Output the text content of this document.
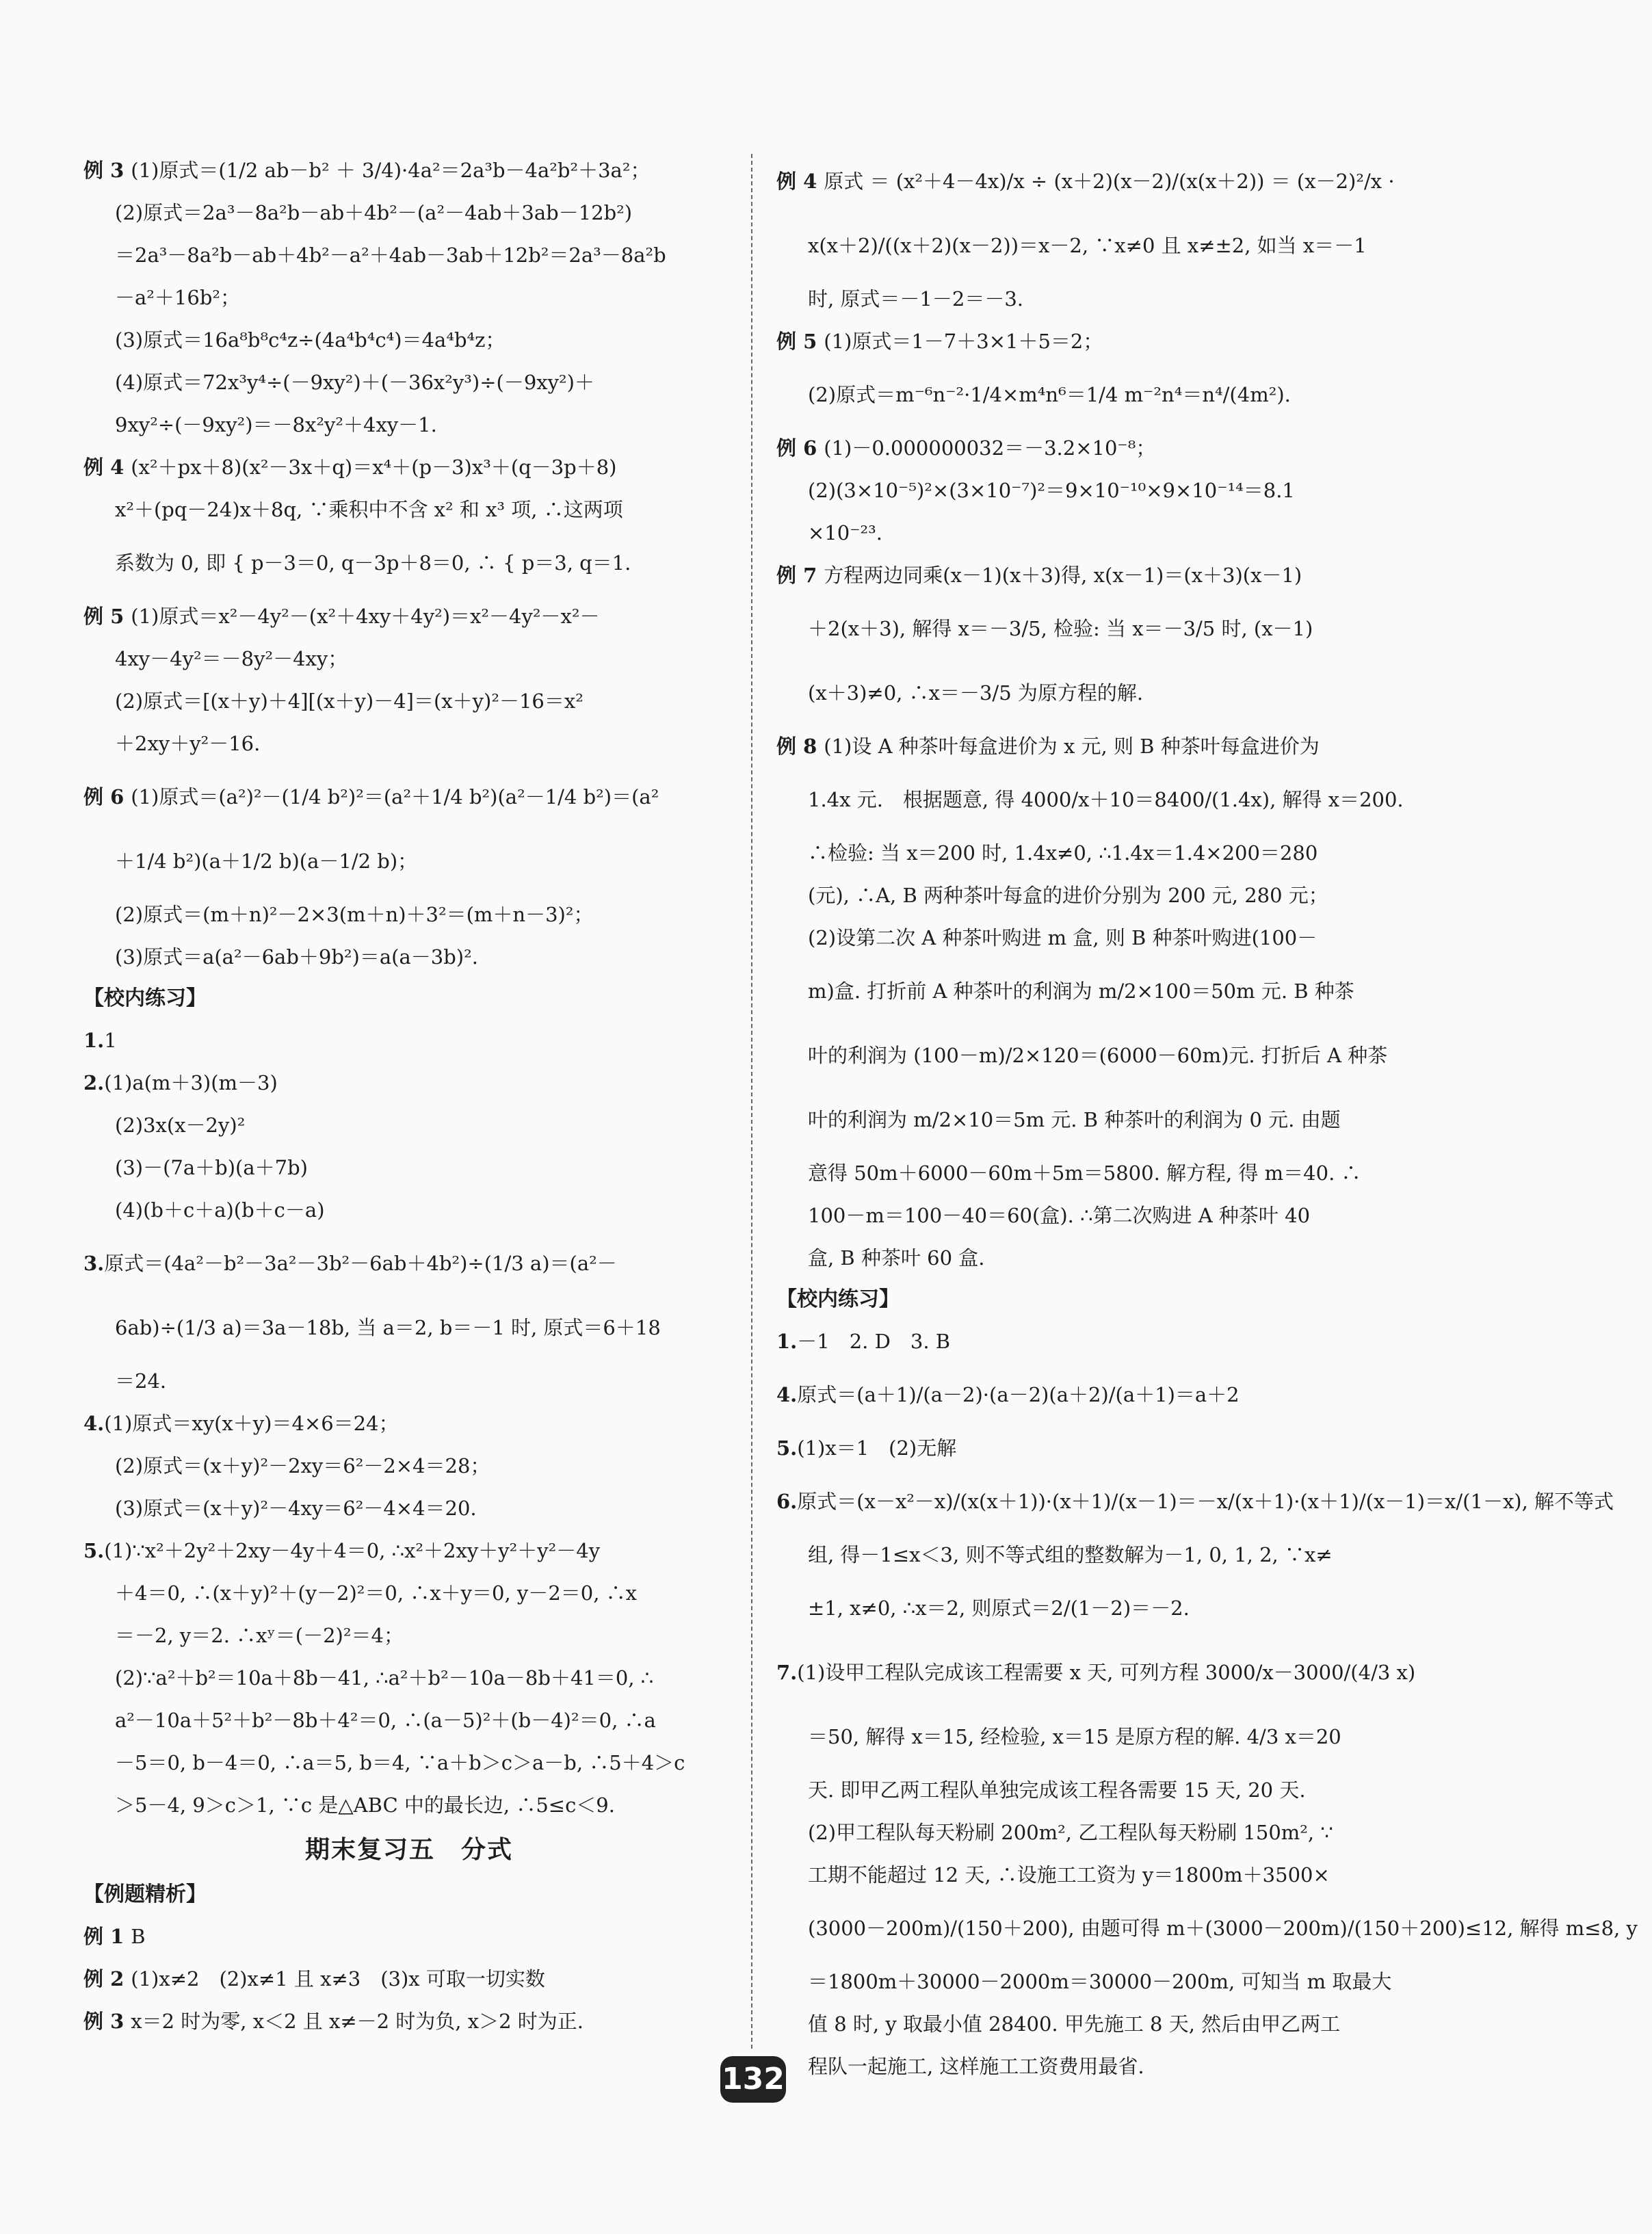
例 3 (1)原式＝(1/2 ab－b² ＋ 3/4)·4a²＝2a³b－4a²b²＋3a²；
(2)原式＝2a³－8a²b－ab＋4b²－(a²－4ab＋3ab－12b²)
＝2a³－8a²b－ab＋4b²－a²＋4ab－3ab＋12b²＝2a³－8a²b
－a²＋16b²；
(3)原式＝16a⁸b⁸c⁴z÷(4a⁴b⁴c⁴)＝4a⁴b⁴z；
(4)原式＝72x³y⁴÷(－9xy²)＋(－36x²y³)÷(－9xy²)＋
9xy²÷(－9xy²)＝－8x²y²＋4xy－1.
例 4 (x²＋px＋8)(x²－3x＋q)＝x⁴＋(p－3)x³＋(q－3p＋8)
x²＋(pq－24)x＋8q, ∵乘积中不含 x² 和 x³ 项, ∴这两项
系数为 0, 即 { p－3＝0, q－3p＋8＝0, ∴ { p＝3, q＝1.
例 5 (1)原式＝x²－4y²－(x²＋4xy＋4y²)＝x²－4y²－x²－
4xy－4y²＝－8y²－4xy；
(2)原式＝[(x＋y)＋4][(x＋y)－4]＝(x＋y)²－16＝x²
＋2xy＋y²－16.
例 6 (1)原式＝(a²)²－(1/4 b²)²＝(a²＋1/4 b²)(a²－1/4 b²)＝(a²
＋1/4 b²)(a＋1/2 b)(a－1/2 b)；
(2)原式＝(m＋n)²－2×3(m＋n)＋3²＝(m＋n－3)²；
(3)原式＝a(a²－6ab＋9b²)＝a(a－3b)².
【校内练习】
1.1
2.(1)a(m＋3)(m－3)
(2)3x(x－2y)²
(3)－(7a＋b)(a＋7b)
(4)(b＋c＋a)(b＋c－a)
3.原式＝(4a²－b²－3a²－3b²－6ab＋4b²)÷(1/3 a)＝(a²－
6ab)÷(1/3 a)＝3a－18b, 当 a＝2, b＝－1 时, 原式＝6＋18
＝24.
4.(1)原式＝xy(x＋y)＝4×6＝24；
(2)原式＝(x＋y)²－2xy＝6²－2×4＝28；
(3)原式＝(x＋y)²－4xy＝6²－4×4＝20.
5.(1)∵x²＋2y²＋2xy－4y＋4＝0, ∴x²＋2xy＋y²＋y²－4y
＋4＝0, ∴(x＋y)²＋(y－2)²＝0, ∴x＋y＝0, y－2＝0, ∴x
＝－2, y＝2. ∴xʸ＝(－2)²＝4；
(2)∵a²＋b²＝10a＋8b－41, ∴a²＋b²－10a－8b＋41＝0, ∴
a²－10a＋5²＋b²－8b＋4²＝0, ∴(a－5)²＋(b－4)²＝0, ∴a
－5＝0, b－4＝0, ∴a＝5, b＝4, ∵a＋b＞c＞a－b, ∴5＋4＞c
＞5－4, 9＞c＞1, ∵c 是△ABC 中的最长边, ∴5≤c＜9.
期末复习五　分式
【例题精析】
例 1 B
例 2 (1)x≠2　(2)x≠1 且 x≠3　(3)x 可取一切实数
例 3 x＝2 时为零, x＜2 且 x≠－2 时为负, x＞2 时为正.
例 4 原式 ＝ (x²＋4－4x)/x ÷ (x＋2)(x－2)/(x(x＋2)) ＝ (x－2)²/x ·
x(x＋2)/((x＋2)(x－2))＝x－2, ∵x≠0 且 x≠±2, 如当 x＝－1
时, 原式＝－1－2＝－3.
例 5 (1)原式＝1－7＋3×1＋5＝2；
(2)原式＝m⁻⁶n⁻²·1/4×m⁴n⁶＝1/4 m⁻²n⁴＝n⁴/(4m²).
例 6 (1)－0.000000032＝－3.2×10⁻⁸；
(2)(3×10⁻⁵)²×(3×10⁻⁷)²＝9×10⁻¹⁰×9×10⁻¹⁴＝8.1
×10⁻²³.
例 7 方程两边同乘(x－1)(x＋3)得, x(x－1)＝(x＋3)(x－1)
＋2(x＋3), 解得 x＝－3/5, 检验: 当 x＝－3/5 时, (x－1)
(x＋3)≠0, ∴x＝－3/5 为原方程的解.
例 8 (1)设 A 种茶叶每盒进价为 x 元, 则 B 种茶叶每盒进价为
1.4x 元.　根据题意, 得 4000/x＋10＝8400/(1.4x), 解得 x＝200.
∴检验: 当 x＝200 时, 1.4x≠0, ∴1.4x＝1.4×200＝280
(元), ∴A, B 两种茶叶每盒的进价分别为 200 元, 280 元；
(2)设第二次 A 种茶叶购进 m 盒, 则 B 种茶叶购进(100－
m)盒. 打折前 A 种茶叶的利润为 m/2×100＝50m 元. B 种茶
叶的利润为 (100－m)/2×120＝(6000－60m)元. 打折后 A 种茶
叶的利润为 m/2×10＝5m 元. B 种茶叶的利润为 0 元. 由题
意得 50m＋6000－60m＋5m＝5800. 解方程, 得 m＝40. ∴
100－m＝100－40＝60(盒). ∴第二次购进 A 种茶叶 40
盒, B 种茶叶 60 盒.
【校内练习】
1.－1　2. D　3. B
4.原式＝(a＋1)/(a－2)·(a－2)(a＋2)/(a＋1)＝a＋2
5.(1)x＝1　(2)无解
6.原式＝(x－x²－x)/(x(x＋1))·(x＋1)/(x－1)＝－x/(x＋1)·(x＋1)/(x－1)＝x/(1－x), 解不等式
组, 得－1≤x＜3, 则不等式组的整数解为－1, 0, 1, 2, ∵x≠
±1, x≠0, ∴x＝2, 则原式＝2/(1－2)＝－2.
7.(1)设甲工程队完成该工程需要 x 天, 可列方程 3000/x－3000/(4/3 x)
＝50, 解得 x＝15, 经检验, x＝15 是原方程的解. 4/3 x＝20
天. 即甲乙两工程队单独完成该工程各需要 15 天, 20 天.
(2)甲工程队每天粉刷 200m², 乙工程队每天粉刷 150m², ∵
工期不能超过 12 天, ∴设施工工资为 y＝1800m＋3500×
(3000－200m)/(150＋200), 由题可得 m＋(3000－200m)/(150＋200)≤12, 解得 m≤8, y
＝1800m＋30000－2000m＝30000－200m, 可知当 m 取最大
值 8 时, y 取最小值 28400. 甲先施工 8 天, 然后由甲乙两工
程队一起施工, 这样施工工资费用最省.
132
